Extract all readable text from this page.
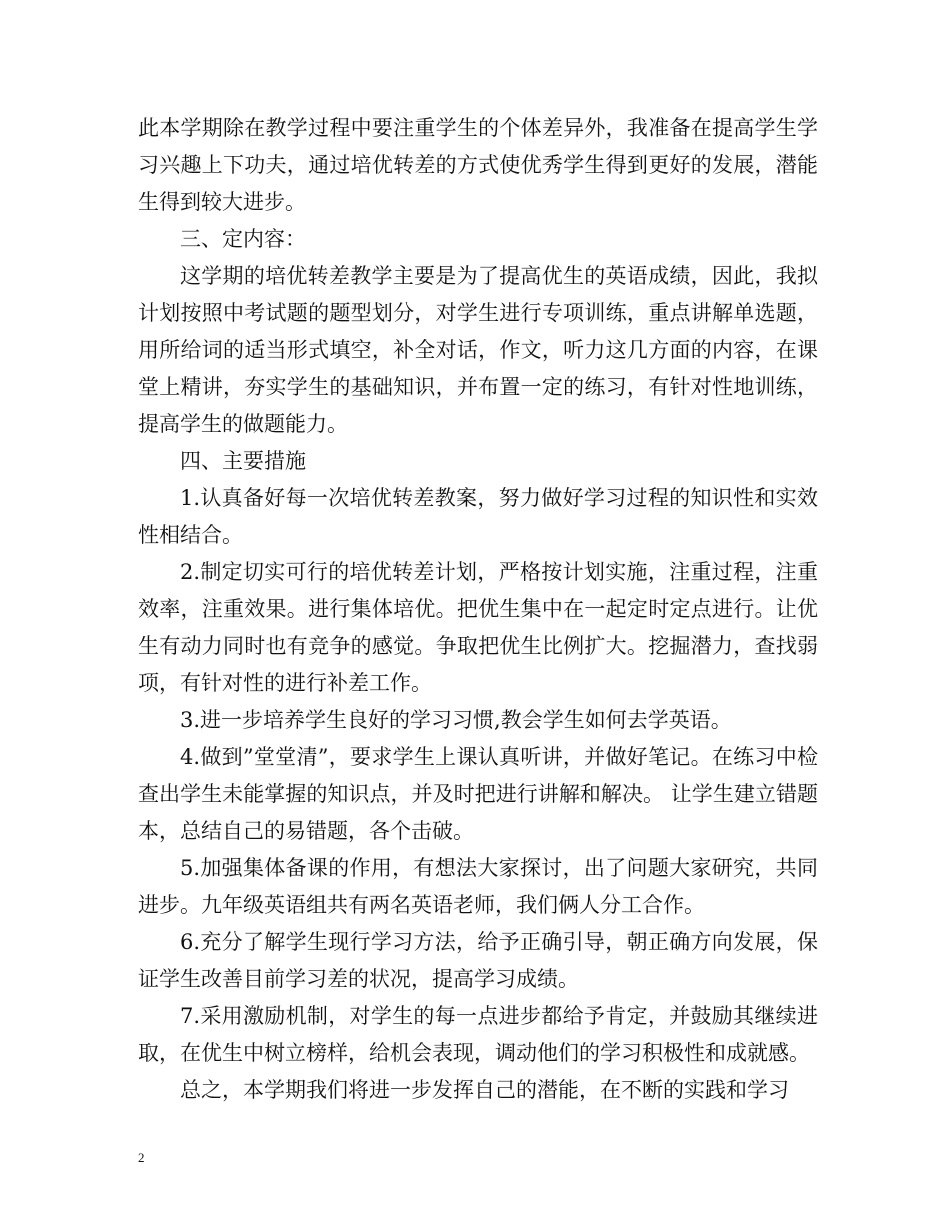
此本学期除在教学过程中要注重学生的个体差异外，我准备在提高学生学习兴趣上下功夫，通过培优转差的方式使优秀学生得到更好的发展，潜能生得到较大进步。

三、定内容：

这学期的培优转差教学主要是为了提高优生的英语成绩，因此，我拟计划按照中考试题的题型划分，对学生进行专项训练，重点讲解单选题，用所给词的适当形式填空，补全对话，作文，听力这几方面的内容，在课堂上精讲，夯实学生的基础知识，并布置一定的练习，有针对性地训练，提高学生的做题能力。

四、主要措施

1.认真备好每一次培优转差教案，努力做好学习过程的知识性和实效性相结合。

2.制定切实可行的培优转差计划，严格按计划实施，注重过程，注重效率，注重效果。进行集体培优。把优生集中在一起定时定点进行。让优生有动力同时也有竞争的感觉。争取把优生比例扩大。挖掘潜力，查找弱项，有针对性的进行补差工作。

3.进一步培养学生良好的学习习惯,教会学生如何去学英语。

4.做到”堂堂清”，要求学生上课认真听讲，并做好笔记。在练习中检查出学生未能掌握的知识点，并及时把进行讲解和解决。 让学生建立错题本，总结自己的易错题，各个击破。

5.加强集体备课的作用，有想法大家探讨，出了问题大家研究，共同进步。九年级英语组共有两名英语老师，我们俩人分工合作。

6.充分了解学生现行学习方法，给予正确引导，朝正确方向发展，保证学生改善目前学习差的状况，提高学习成绩。

7.采用激励机制，对学生的每一点进步都给予肯定，并鼓励其继续进取，在优生中树立榜样，给机会表现，调动他们的学习积极性和成就感。

总之，本学期我们将进一步发挥自己的潜能，在不断的实践和学习

2
